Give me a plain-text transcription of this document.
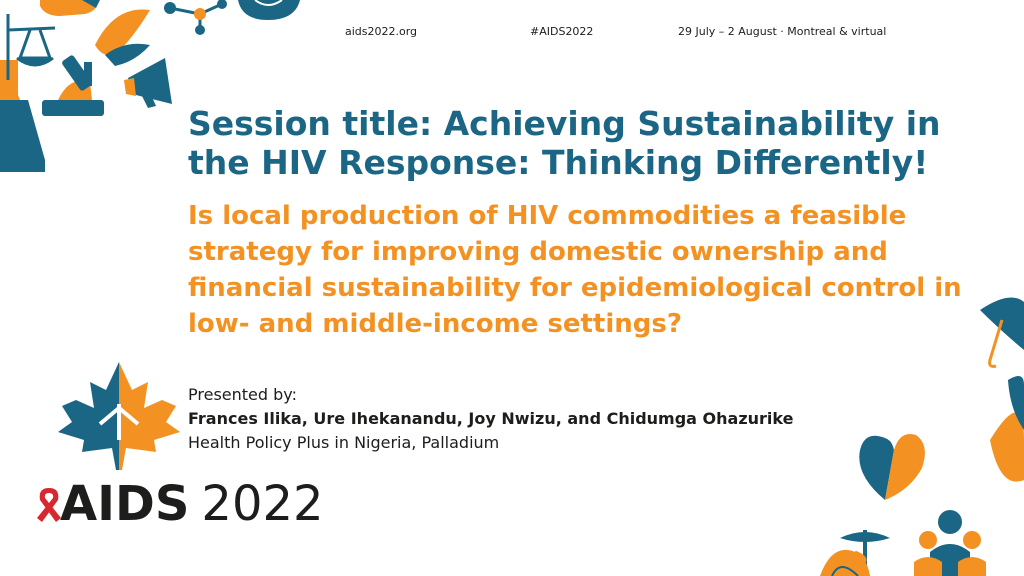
aids2022.org	#AIDS2022	29 July – 2 August · Montreal & virtual
Session title: Achieving Sustainability in the HIV Response: Thinking Differently!
Is local production of HIV commodities a feasible strategy for improving domestic ownership and financial sustainability for epidemiological control in low- and middle-income settings?
Presented by:
Frances Ilika, Ure Ihekanandu, Joy Nwizu, and Chidumga Ohazurike
Health Policy Plus in Nigeria, Palladium
AIDS 2022
